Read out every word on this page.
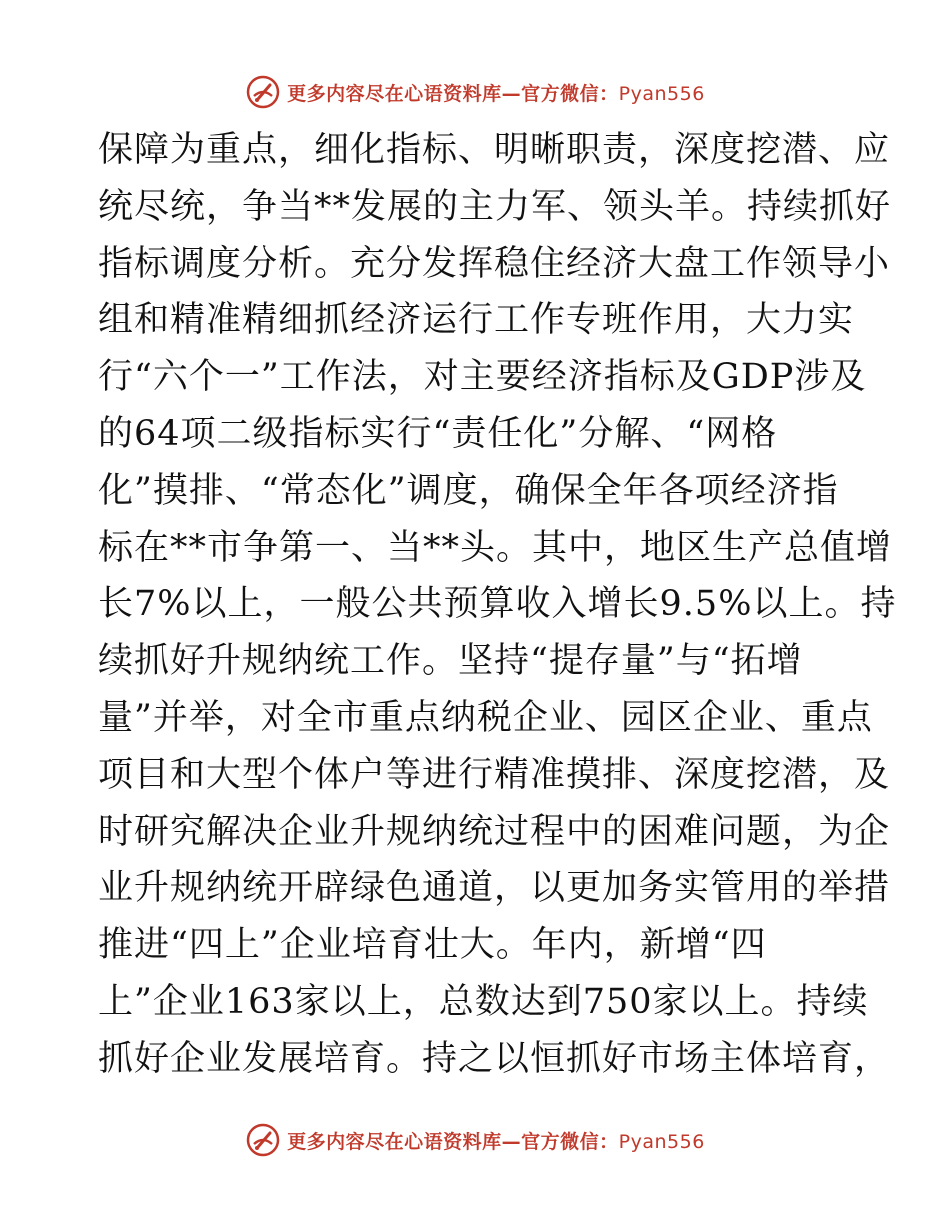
更多内容尽在心语资料库—官方微信：Pyan556
保障为重点，细化指标、明晰职责，深度挖潜、应
统尽统，争当**发展的主力军、领头羊。持续抓好
指标调度分析。充分发挥稳住经济大盘工作领导小
组和精准精细抓经济运行工作专班作用，大力实
行“六个一”工作法，对主要经济指标及GDP涉及
的64项二级指标实行“责任化”分解、“网格
化”摸排、“常态化”调度，确保全年各项经济指
标在**市争第一、当**头。其中，地区生产总值增
长7%以上，一般公共预算收入增长9.5%以上。持
续抓好升规纳统工作。坚持“提存量”与“拓增
量”并举，对全市重点纳税企业、园区企业、重点
项目和大型个体户等进行精准摸排、深度挖潜，及
时研究解决企业升规纳统过程中的困难问题，为企
业升规纳统开辟绿色通道，以更加务实管用的举措
推进“四上”企业培育壮大。年内，新增“四
上”企业163家以上，总数达到750家以上。持续
抓好企业发展培育。持之以恒抓好市场主体培育，
更多内容尽在心语资料库—官方微信：Pyan556
